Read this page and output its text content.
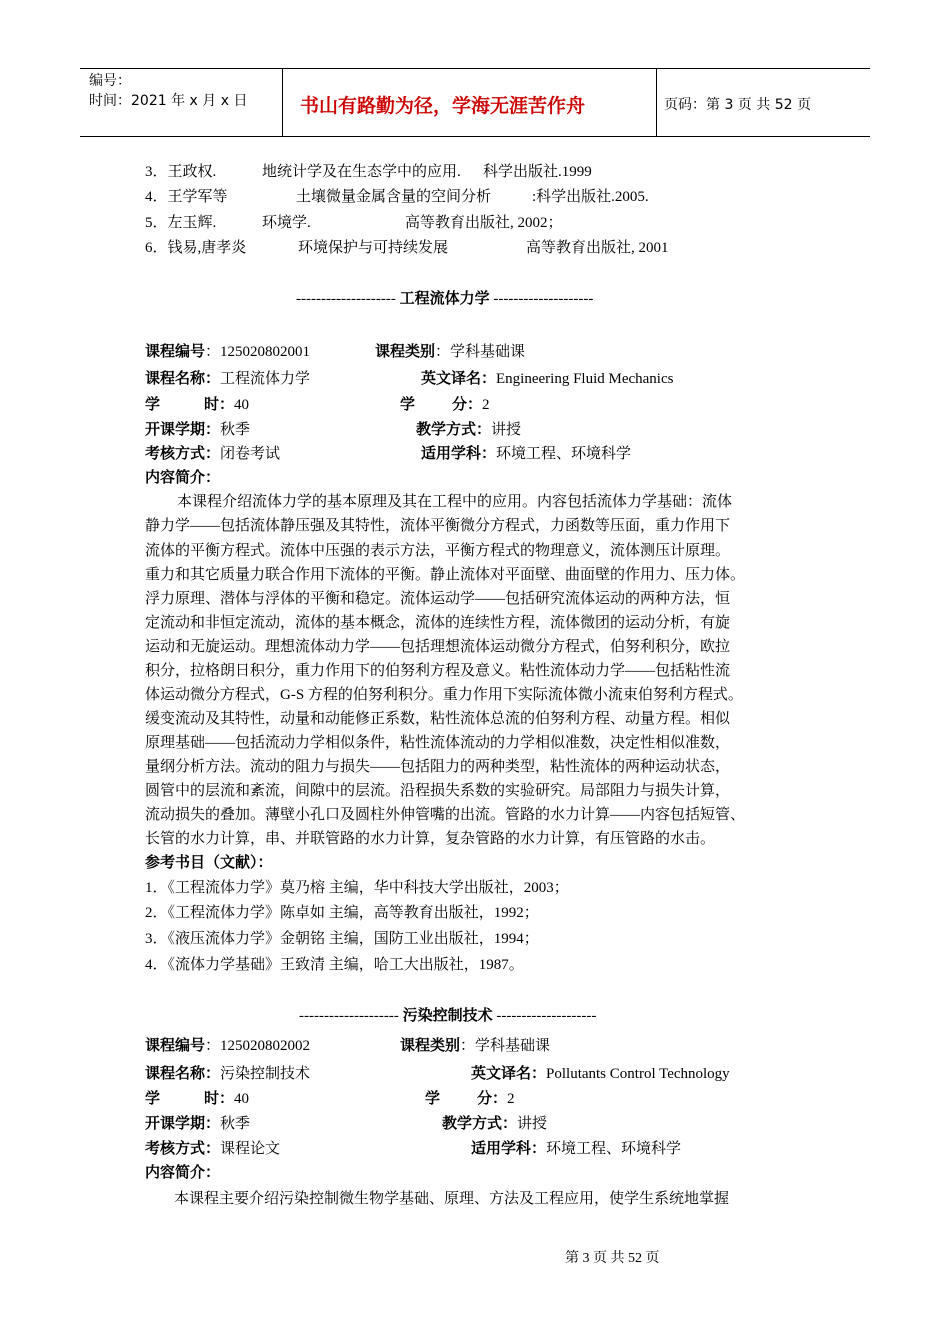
编号：
时间：2021 年 x 月 x 日	书山有路勤为径，学海无涯苦作舟	页码：第 3 页 共 52 页
3．王政权.	地统计学及在生态学中的应用. 科学出版社.1999
4．王学军等	土壤微量金属含量的空间分析	:科学出版社.2005.
5．左玉辉.	环境学.	高等教育出版社, 2002；
6．钱易,唐孝炎	环境保护与可持续发展	高等教育出版社, 2001
-------------------- 工程流体力学 --------------------
课程编号：125020802001	课程类别：学科基础课
课程名称：工程流体力学	英文译名：Engineering Fluid Mechanics
学	时：40	学 分：2
开课学期：秋季	教学方式：讲授
考核方式：闭卷考试	适用学科：环境工程、环境科学
内容简介：
本课程介绍流体力学的基本原理及其在工程中的应用。内容包括流体力学基础：流体
静力学——包括流体静压强及其特性，流体平衡微分方程式，力函数等压面，重力作用下
流体的平衡方程式。流体中压强的表示方法，平衡方程式的物理意义，流体测压计原理。
重力和其它质量力联合作用下流体的平衡。静止流体对平面壁、曲面壁的作用力、压力体。
浮力原理、潜体与浮体的平衡和稳定。流体运动学——包括研究流体运动的两种方法，恒
定流动和非恒定流动，流体的基本概念，流体的连续性方程，流体微团的运动分析，有旋
运动和无旋运动。理想流体动力学——包括理想流体运动微分方程式，伯努利积分，欧拉
积分，拉格朗日积分，重力作用下的伯努利方程及意义。粘性流体动力学——包括粘性流
体运动微分方程式，G-S 方程的伯努利积分。重力作用下实际流体微小流束伯努利方程式。
缓变流动及其特性，动量和动能修正系数，粘性流体总流的伯努利方程、动量方程。相似
原理基础——包括流动力学相似条件，粘性流体流动的力学相似准数，决定性相似准数，
量纲分析方法。流动的阻力与损失——包括阻力的两种类型，粘性流体的两种运动状态，
圆管中的层流和紊流，间隙中的层流。沿程损失系数的实验研究。局部阻力与损失计算，
流动损失的叠加。薄壁小孔口及圆柱外伸管嘴的出流。管路的水力计算——内容包括短管、
长管的水力计算，串、并联管路的水力计算，复杂管路的水力计算，有压管路的水击。
参考书目（文献）：
1．《工程流体力学》莫乃榕 主编，华中科技大学出版社，2003；
2．《工程流体力学》陈卓如 主编，高等教育出版社，1992；
3．《液压流体力学》金朝铭 主编，国防工业出版社，1994；
4．《流体力学基础》王致清 主编，哈工大出版社，1987。
-------------------- 污染控制技术 --------------------
课程编号：125020802002	课程类别：学科基础课
课程名称：污染控制技术	英文译名：Pollutants Control Technology
学	时：40	学 分：2
开课学期：秋季	教学方式：讲授
考核方式：课程论文	适用学科：环境工程、环境科学
内容简介：
本课程主要介绍污染控制微生物学基础、原理、方法及工程应用，使学生系统地掌握
第 3 页 共 52 页
